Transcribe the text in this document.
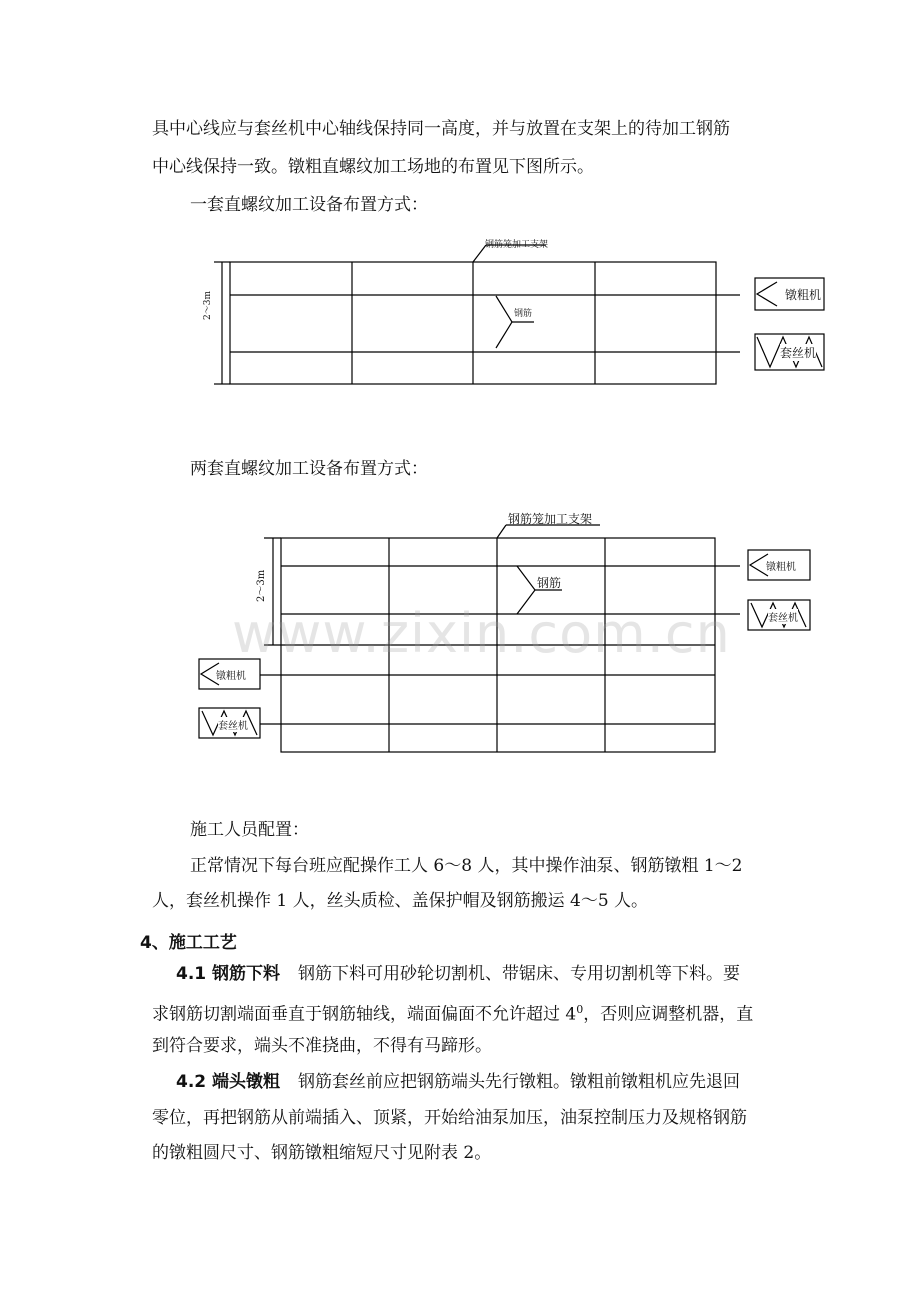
具中心线应与套丝机中心轴线保持同一高度，并与放置在支架上的待加工钢筋
中心线保持一致。镦粗直螺纹加工场地的布置见下图所示。
一套直螺纹加工设备布置方式：
钢筋笼加工支架
钢筋
2～3m	镦粗机
套丝机
两套直螺纹加工设备布置方式：
钢筋笼加工支架
钢筋
2～3m
镦粗机
套丝机
镦粗机
套丝机
www.zixin.com.cn
施工人员配置：
正常情况下每台班应配操作工人 6～8 人，其中操作油泵、钢筋镦粗 1～2
人，套丝机操作 1 人，丝头质检、盖保护帽及钢筋搬运 4～5 人。
4、施工工艺
4.1 钢筋下料 钢筋下料可用砂轮切割机、带锯床、专用切割机等下料。要
求钢筋切割端面垂直于钢筋轴线，端面偏面不允许超过 $4^0$，否则应调整机器，直
到符合要求，端头不准挠曲，不得有马蹄形。
4.2 端头镦粗 钢筋套丝前应把钢筋端头先行镦粗。镦粗前镦粗机应先退回
零位，再把钢筋从前端插入、顶紧，开始给油泵加压，油泵控制压力及规格钢筋
的镦粗圆尺寸、钢筋镦粗缩短尺寸见附表 2。
